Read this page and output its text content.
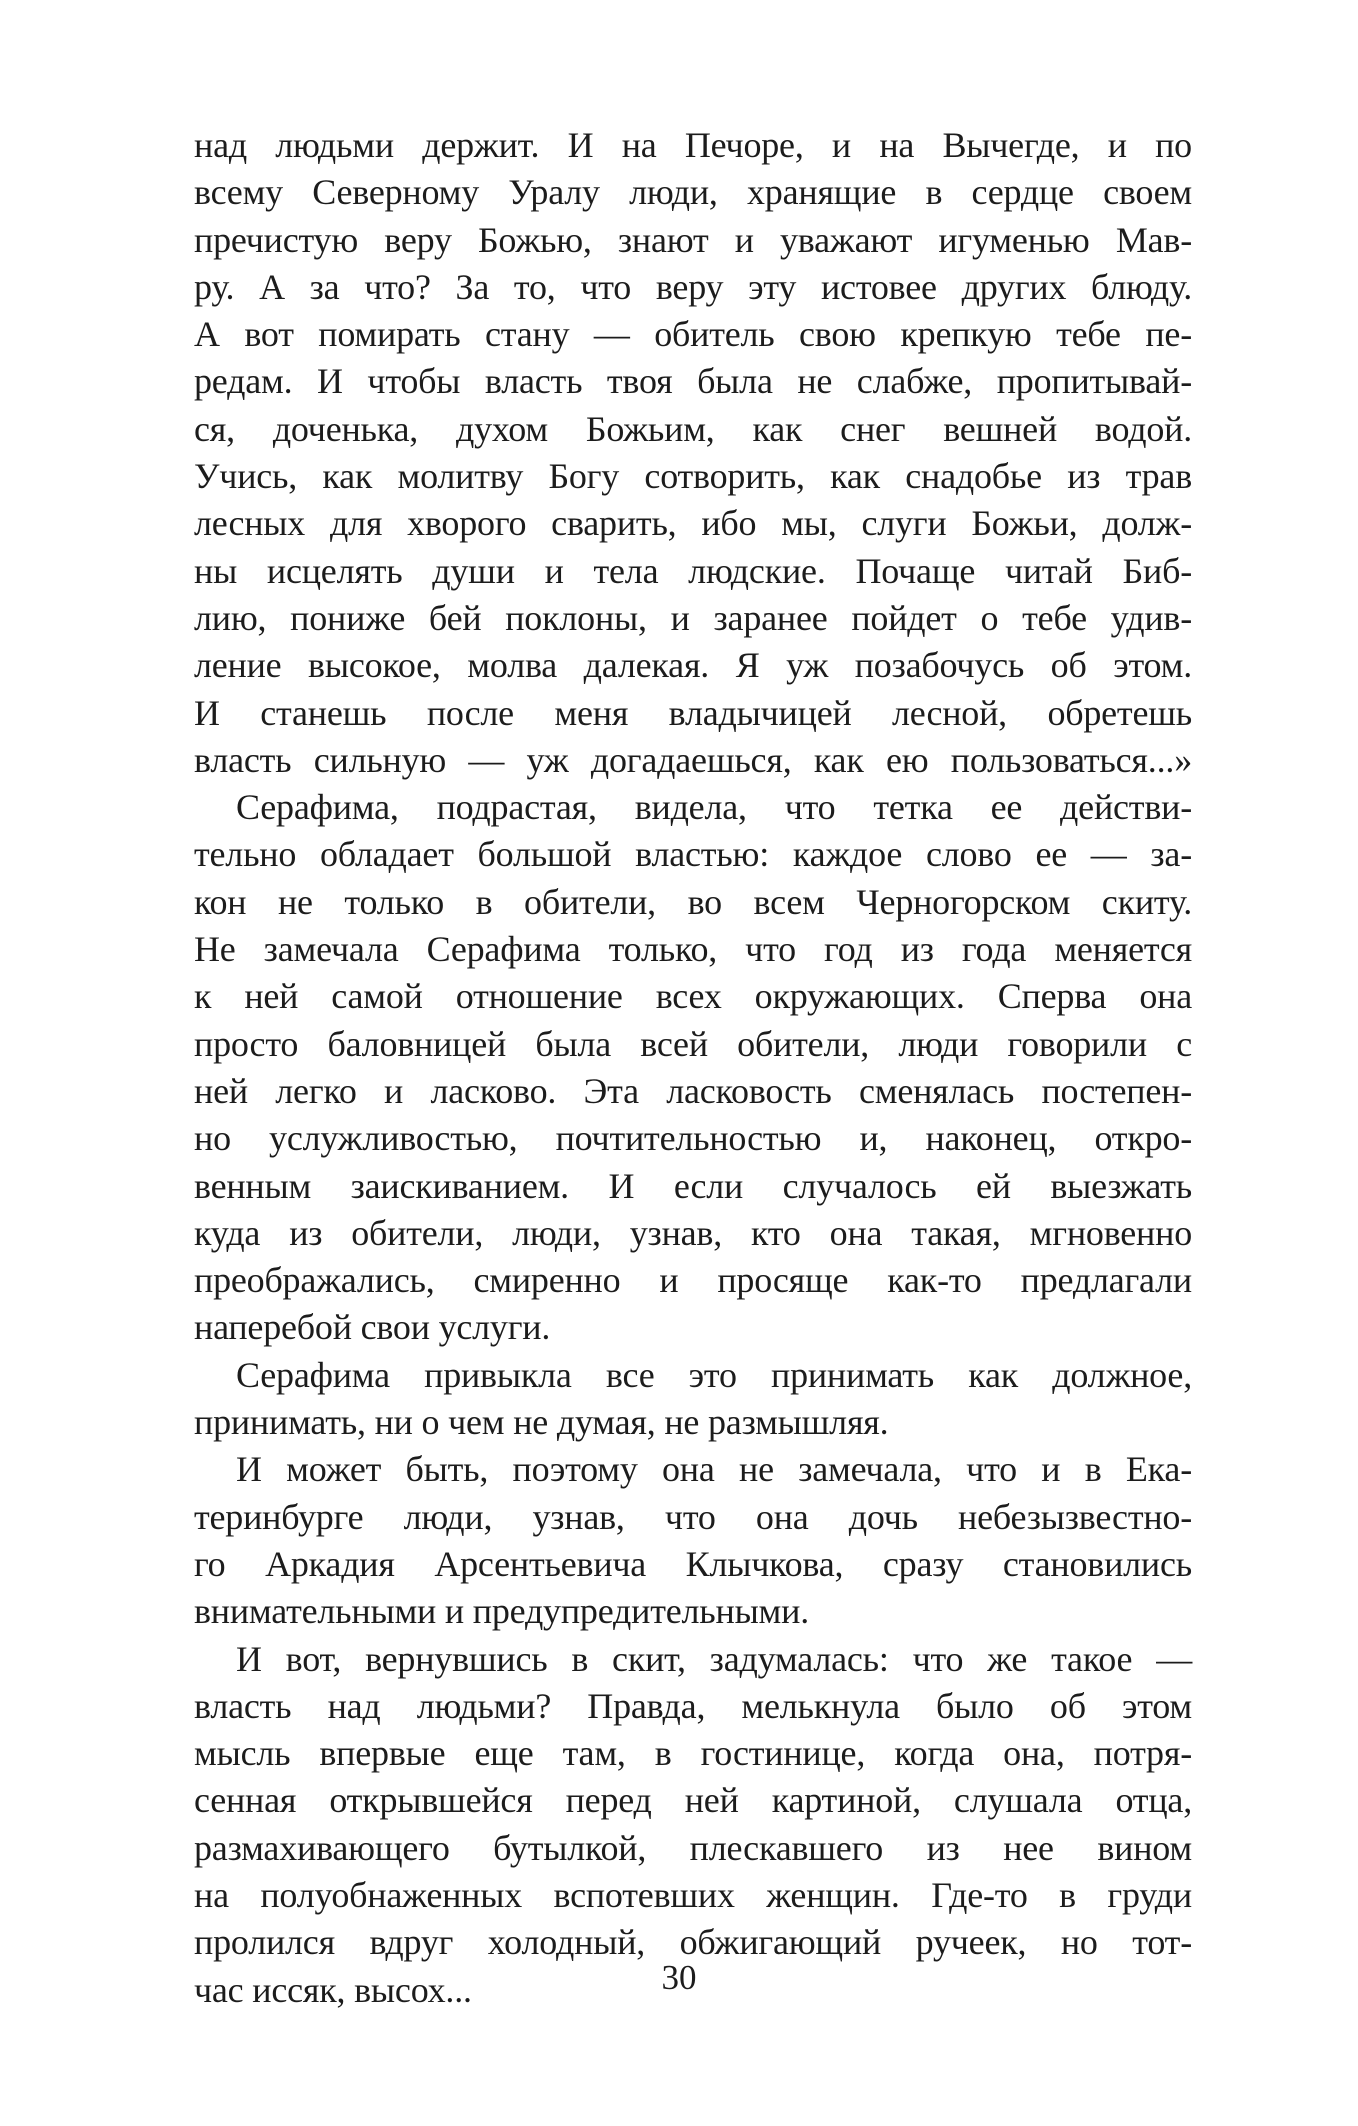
над людьми держит. И на Печоре, и на Вычегде, и по
всему Северному Уралу люди, хранящие в сердце своем
пречистую веру Божью, знают и уважают игуменью Мав-
ру. А за что? За то, что веру эту истовее других блюду.
А вот помирать стану — обитель свою крепкую тебе пе-
редам. И чтобы власть твоя была не слабже, пропитывай-
ся, доченька, духом Божьим, как снег вешней водой.
Учись, как молитву Богу сотворить, как снадобье из трав
лесных для хворого сварить, ибо мы, слуги Божьи, долж-
ны исцелять души и тела людские. Почаще читай Биб-
лию, пониже бей поклоны, и заранее пойдет о тебе удив-
ление высокое, молва далекая. Я уж позабочусь об этом.
И станешь после меня владычицей лесной, обретешь
власть сильную — уж догадаешься, как ею пользоваться...»
Серафима, подрастая, видела, что тетка ее действи-
тельно обладает большой властью: каждое слово ее — за-
кон не только в обители, во всем Черногорском скиту.
Не замечала Серафима только, что год из года меняется
к ней самой отношение всех окружающих. Сперва она
просто баловницей была всей обители, люди говорили с
ней легко и ласково. Эта ласковость сменялась постепен-
но услужливостью, почтительностью и, наконец, откро-
венным заискиванием. И если случалось ей выезжать
куда из обители, люди, узнав, кто она такая, мгновенно
преображались, смиренно и просяще как-то предлагали
наперебой свои услуги.
Серафима привыкла все это принимать как должное,
принимать, ни о чем не думая, не размышляя.
И может быть, поэтому она не замечала, что и в Ека-
теринбурге люди, узнав, что она дочь небезызвестно-
го Аркадия Арсентьевича Клычкова, сразу становились
внимательными и предупредительными.
И вот, вернувшись в скит, задумалась: что же такое —
власть над людьми? Правда, мелькнула было об этом
мысль впервые еще там, в гостинице, когда она, потря-
сенная открывшейся перед ней картиной, слушала отца,
размахивающего бутылкой, плескавшего из нее вином
на полуобнаженных вспотевших женщин. Где-то в груди
пролился вдруг холодный, обжигающий ручеек, но тот-
час иссяк, высох...	30
